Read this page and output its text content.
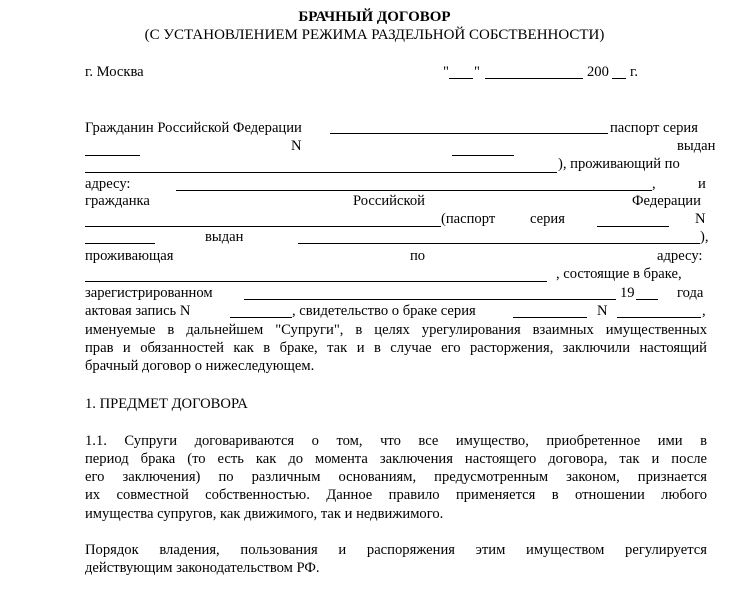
БРАЧНЫЙ ДОГОВОР
(С УСТАНОВЛЕНИЕМ РЕЖИМА РАЗДЕЛЬНОЙ СОБСТВЕННОСТИ)
г. Москва	" "	200 г.
Гражданин Российской Федерации	паспорт серия
N	выдан
), проживающий по
адресу:	,	и
гражданка	Российской	Федерации
(паспорт серия	N
выдан	),
проживающая	по	адресу:
, состоящие в браке,
зарегистрированном	19	года
актовая запись N	, свидетельство о браке серия	N	,
именуемые в дальнейшем "Супруги", в целях урегулирования взаимных имущественных
прав и обязанностей как в браке, так и в случае его расторжения, заключили настоящий
брачный договор о нижеследующем.
1. ПРЕДМЕТ ДОГОВОРА
1.1. Супруги договариваются о том, что все имущество, приобретенное ими в
период брака (то есть как до момента заключения настоящего договора, так и после
его заключения) по различным основаниям, предусмотренным законом, признается
их совместной собственностью. Данное правило применяется в отношении любого
имущества супругов, как движимого, так и недвижимого.
Порядок владения, пользования и распоряжения этим имуществом регулируется
действующим законодательством РФ.
